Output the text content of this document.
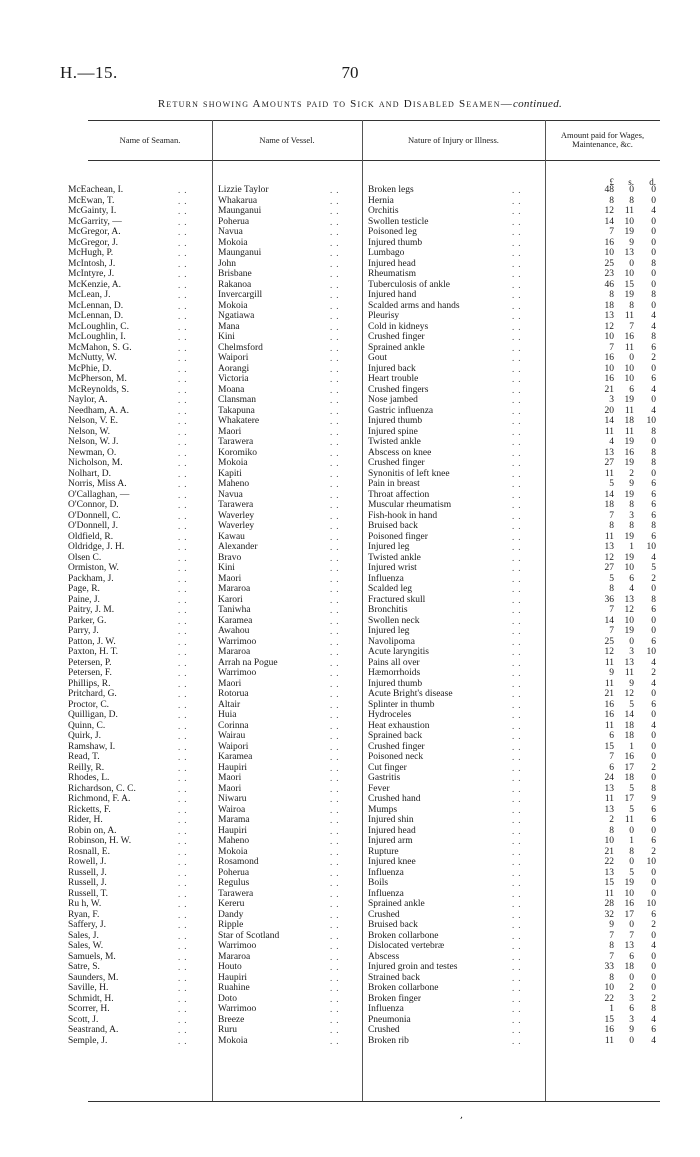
H.—15.	70
Return showing Amounts paid to Sick and Disabled Seamen—continued.
Name of Seaman.	Name of Vessel.	Nature of Injury or Illness.	Amount paid for Wages, Maintenance, &c.
£	s.	d.
..	..	..
McEachean, I.	Lizzie Taylor	Broken legs	48	0	0
..	..	..
McEwan, T.	Whakarua	Hernia	8	8	0
..	..	..
McGainty, I.	Maunganui	Orchitis	12	11	4
..	..	..
McGarrity, —	Poherua	Swollen testicle	14	10	0
..	..	..
McGregor, A.	Navua	Poisoned leg	7	19	0
..	..	..
McGregor, J.	Mokoia	Injured thumb	16	9	0
..	..	..
McHugh, P.	Maunganui	Lumbago	10	13	0
..	..	..
McIntosh, J.	John	Injured head	25	0	8
..	..	..
McIntyre, J.	Brisbane	Rheumatism	23	10	0
..	..	..
McKenzie, A.	Rakanoa	Tuberculosis of ankle	46	15	0
..	..	..
McLean, J.	Invercargill	Injured hand	8	19	8
..	..	..
McLennan, D.	Mokoia	Scalded arms and hands	18	8	0
..	..	..
McLennan, D.	Ngatiawa	Pleurisy	13	11	4
..	..	..
McLoughlin, C.	Mana	Cold in kidneys	12	7	4
..	..	..
McLoughlin, I.	Kini	Crushed finger	10	16	8
..	..	..
McMahon, S. G.	Chelmsford	Sprained ankle	7	11	6
..	..	..
McNutty, W.	Waipori	Gout	16	0	2
..	..	..
McPhie, D.	Aorangi	Injured back	10	10	0
..	..	..
McPherson, M.	Victoria	Heart trouble	16	10	6
..	..	..
McReynolds, S.	Moana	Crushed fingers	21	6	4
..	..	..
Naylor, A.	Clansman	Nose jambed	3	19	0
..	..	..
Needham, A. A.	Takapuna	Gastric influenza	20	11	4
..	..	..
Nelson, V. E.	Whakatere	Injured thumb	14	18	10
..	..	..
Nelson, W.	Maori	Injured spine	11	11	8
..	..	..
Nelson, W. J.	Tarawera	Twisted ankle	4	19	0
..	..	..
Newman, O.	Koromiko	Abscess on knee	13	16	8
..	..	..
Nicholson, M.	Mokoia	Crushed finger	27	19	8
..	..	..
Nolhart, D.	Kapiti	Synonitis of left knee	11	2	0
..	..	..
Norris, Miss A.	Maheno	Pain in breast	5	9	6
..	..	..
O'Callaghan, —	Navua	Throat affection	14	19	6
..	..	..
O'Connor, D.	Tarawera	Muscular rheumatism	18	8	6
..	..	..
O'Donnell, C.	Waverley	Fish-hook in hand	7	3	6
..	..	..
O'Donnell, J.	Waverley	Bruised back	8	8	8
..	..	..
Oldfield, R.	Kawau	Poisoned finger	11	19	6
..	..	..
Oldridge, J. H.	Alexander	Injured leg	13	1	10
..	..	..
Olsen C.	Bravo	Twisted ankle	12	19	4
..	..	..
Ormiston, W.	Kini	Injured wrist	27	10	5
..	..	..
Packham, J.	Maori	Influenza	5	6	2
..	..	..
Page, R.	Mararoa	Scalded leg	8	4	0
..	..	..
Paine, J.	Karori	Fractured skull	36	13	8
..	..	..
Paitry, J. M.	Taniwha	Bronchitis	7	12	6
..	..	..
Parker, G.	Karamea	Swollen neck	14	10	0
..	..	..
Parry, J.	Awahou	Injured leg	7	19	0
..	..	..
Patton, J. W.	Warrimoo	Navolipoma	25	0	6
..	..	..
Paxton, H. T.	Mararoa	Acute laryngitis	12	3	10
..	..	..
Petersen, P.	Arrah na Pogue	Pains all over	11	13	4
..	..	..
Petersen, F.	Warrimoo	Hæmorrhoids	9	11	2
..	..	..
Phillips, R.	Maori	Injured thumb	11	9	4
..	..	..
Pritchard, G.	Rotorua	Acute Bright's disease	21	12	0
..	..	..
Proctor, C.	Altair	Splinter in thumb	16	5	6
..	..	..
Quilligan, D.	Huia	Hydroceles	16	14	0
..	..	..
Quinn, C.	Corinna	Heat exhaustion	11	18	4
..	..	..
Quirk, J.	Wairau	Sprained back	6	18	0
..	..	..
Ramshaw, I.	Waipori	Crushed finger	15	1	0
..	..	..
Read, T.	Karamea	Poisoned neck	7	16	0
..	..	..
Reilly, R.	Haupiri	Cut finger	6	17	2
..	..	..
Rhodes, L.	Maori	Gastritis	24	18	0
..	..	..
Richardson, C. C.	Maori	Fever	13	5	8
..	..	..
Richmond, F. A.	Niwaru	Crushed hand	11	17	9
..	..	..
Ricketts, F.	Wairoa	Mumps	13	5	6
..	..	..
Rider, H.	Marama	Injured shin	2	11	6
..	..	..
Robin on, A.	Haupiri	Injured head	8	0	0
..	..	..
Robinson, H. W.	Maheno	Injured arm	10	1	6
..	..	..
Rosnall, E.	Mokoia	Rupture	21	8	2
..	..	..
Rowell, J.	Rosamond	Injured knee	22	0	10
..	..	..
Russell, J.	Poherua	Influenza	13	5	0
..	..	..
Russell, J.	Regulus	Boils	15	19	0
..	..	..
Russell, T.	Tarawera	Influenza	11	10	0
..	..	..
Ru h, W.	Kereru	Sprained ankle	28	16	10
..	..	..
Ryan, F.	Dandy	Crushed	32	17	6
..	..	..
Saffery, J.	Ripple	Bruised back	9	0	2
..	..	..
Sales, J.	Star of Scotland	Broken collarbone	7	7	0
..	..	..
Sales, W.	Warrimoo	Dislocated vertebræ	8	13	4
..	..	..
Samuels, M.	Mararoa	Abscess	7	6	0
..	..	..
Satre, S.	Houto	Injured groin and testes	33	18	0
..	..	..
Saunders, M.	Haupiri	Strained back	8	0	0
..	..	..
Saville, H.	Ruahine	Broken collarbone	10	2	0
..	..	..
Schmidt, H.	Doto	Broken finger	22	3	2
..	..	..
Scorrer, H.	Warrimoo	Influenza	1	6	8
..	..	..
Scott, J.	Breeze	Pneumonia	15	3	4
..	..	..
Seastrand, A.	Ruru	Crushed	16	9	6
..	..	..
Semple, J.	Mokoia	Broken rib	11	0	4
,
